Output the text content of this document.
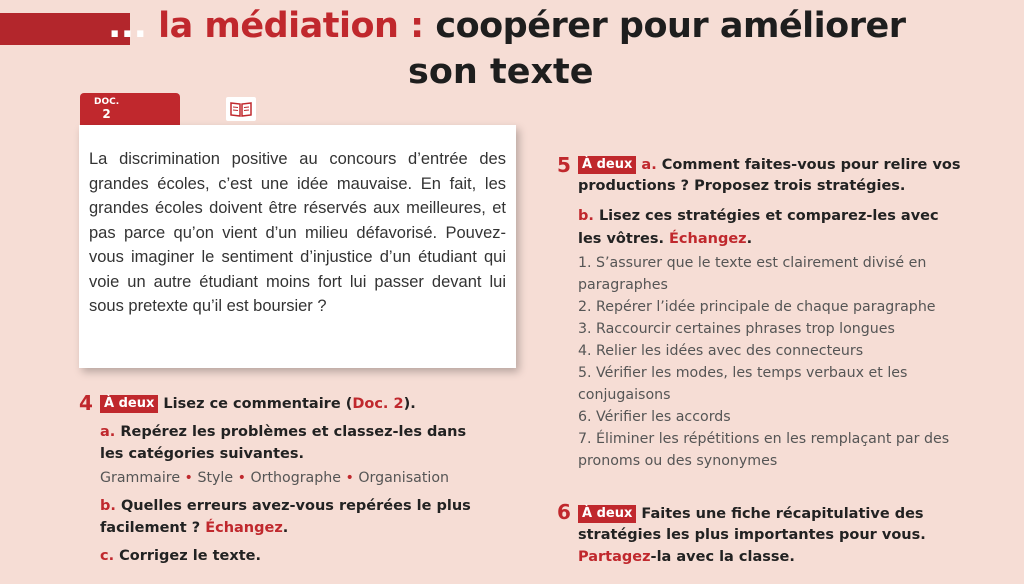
... la médiation : coopérer pour améliorer
son texte
DOC.
2

La discrimination positive au concours d’entrée des grandes écoles, c’est une idée mauvaise. En fait, les grandes écoles doivent être réservés aux meilleures, et pas parce qu’on vient d’un milieu défavorisé. Pouvez-vous imaginer le sentiment d’injustice d’un étudiant qui voie un autre étudiant moins fort lui passer devant lui sous pretexte qu’il est boursier ?

4 À deux Lisez ce commentaire (Doc. 2).
a. Repérez les problèmes et classez-les dans
les catégories suivantes.
Grammaire • Style • Orthographe • Organisation
b. Quelles erreurs avez-vous repérées le plus
facilement ? Échangez.
c. Corrigez le texte.
5 À deux a. Comment faites-vous pour relire vos
productions ? Proposez trois stratégies.
b. Lisez ces stratégies et comparez-les avec
les vôtres. Échangez.
1. S’assurer que le texte est clairement divisé en
paragraphes
2. Repérer l’idée principale de chaque paragraphe
3. Raccourcir certaines phrases trop longues
4. Relier les idées avec des connecteurs
5. Vérifier les modes, les temps verbaux et les
conjugaisons
6. Vérifier les accords
7. Éliminer les répétitions en les remplaçant par des
pronoms ou des synonymes
6 À deux Faites une fiche récapitulative des
stratégies les plus importantes pour vous.
Partagez-la avec la classe.
